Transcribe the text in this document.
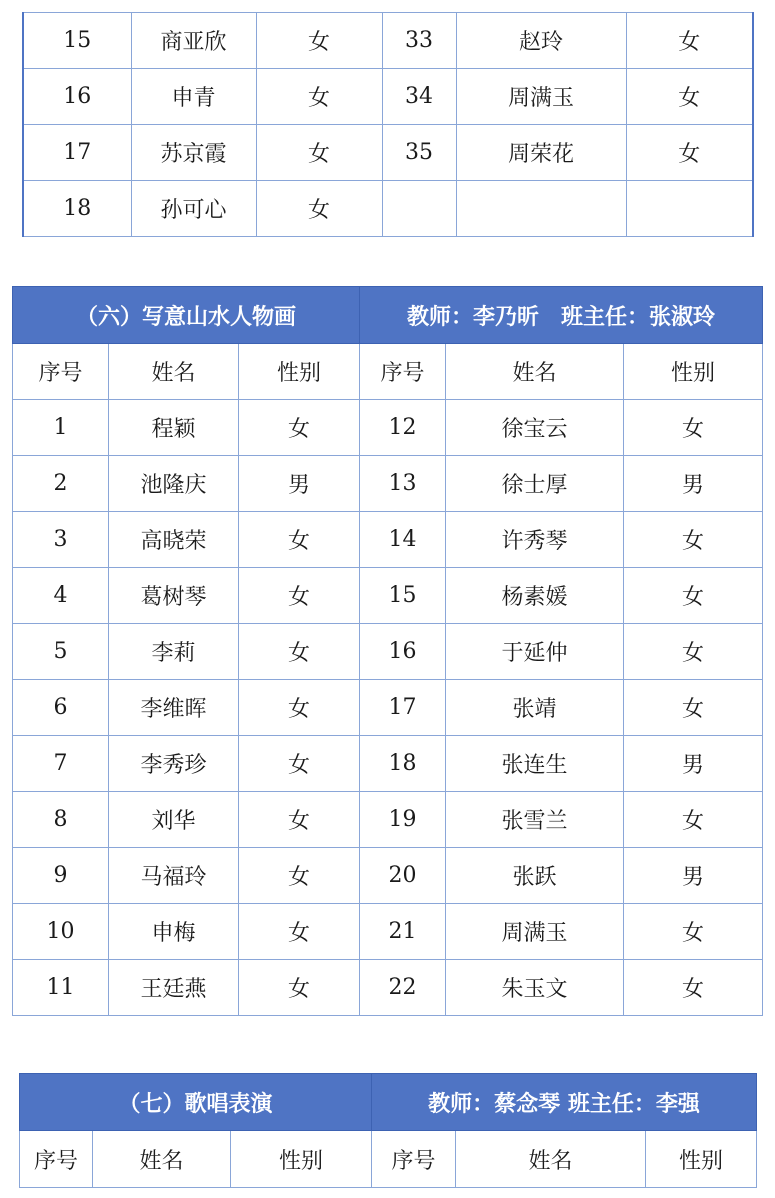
15	商亚欣	女	33	赵玲	女
16	申青	女	34	周满玉	女
17	苏京霞	女	35	周荣花	女
18	孙可心	女			
（六）写意山水人物画			教师：李乃昕　班主任：张淑玲		
序号	姓名	性别	序号	姓名	性别
1	程颖	女	12	徐宝云	女
2	池隆庆	男	13	徐士厚	男
3	高晓荣	女	14	许秀琴	女
4	葛树琴	女	15	杨素媛	女
5	李莉	女	16	于延仲	女
6	李维晖	女	17	张靖	女
7	李秀珍	女	18	张连生	男
8	刘华	女	19	张雪兰	女
9	马福玲	女	20	张跃	男
10	申梅	女	21	周满玉	女
11	王廷燕	女	22	朱玉文	女
（七）歌唱表演			教师：蔡念琴 班主任：李强		
序号	姓名	性别	序号	姓名	性别
